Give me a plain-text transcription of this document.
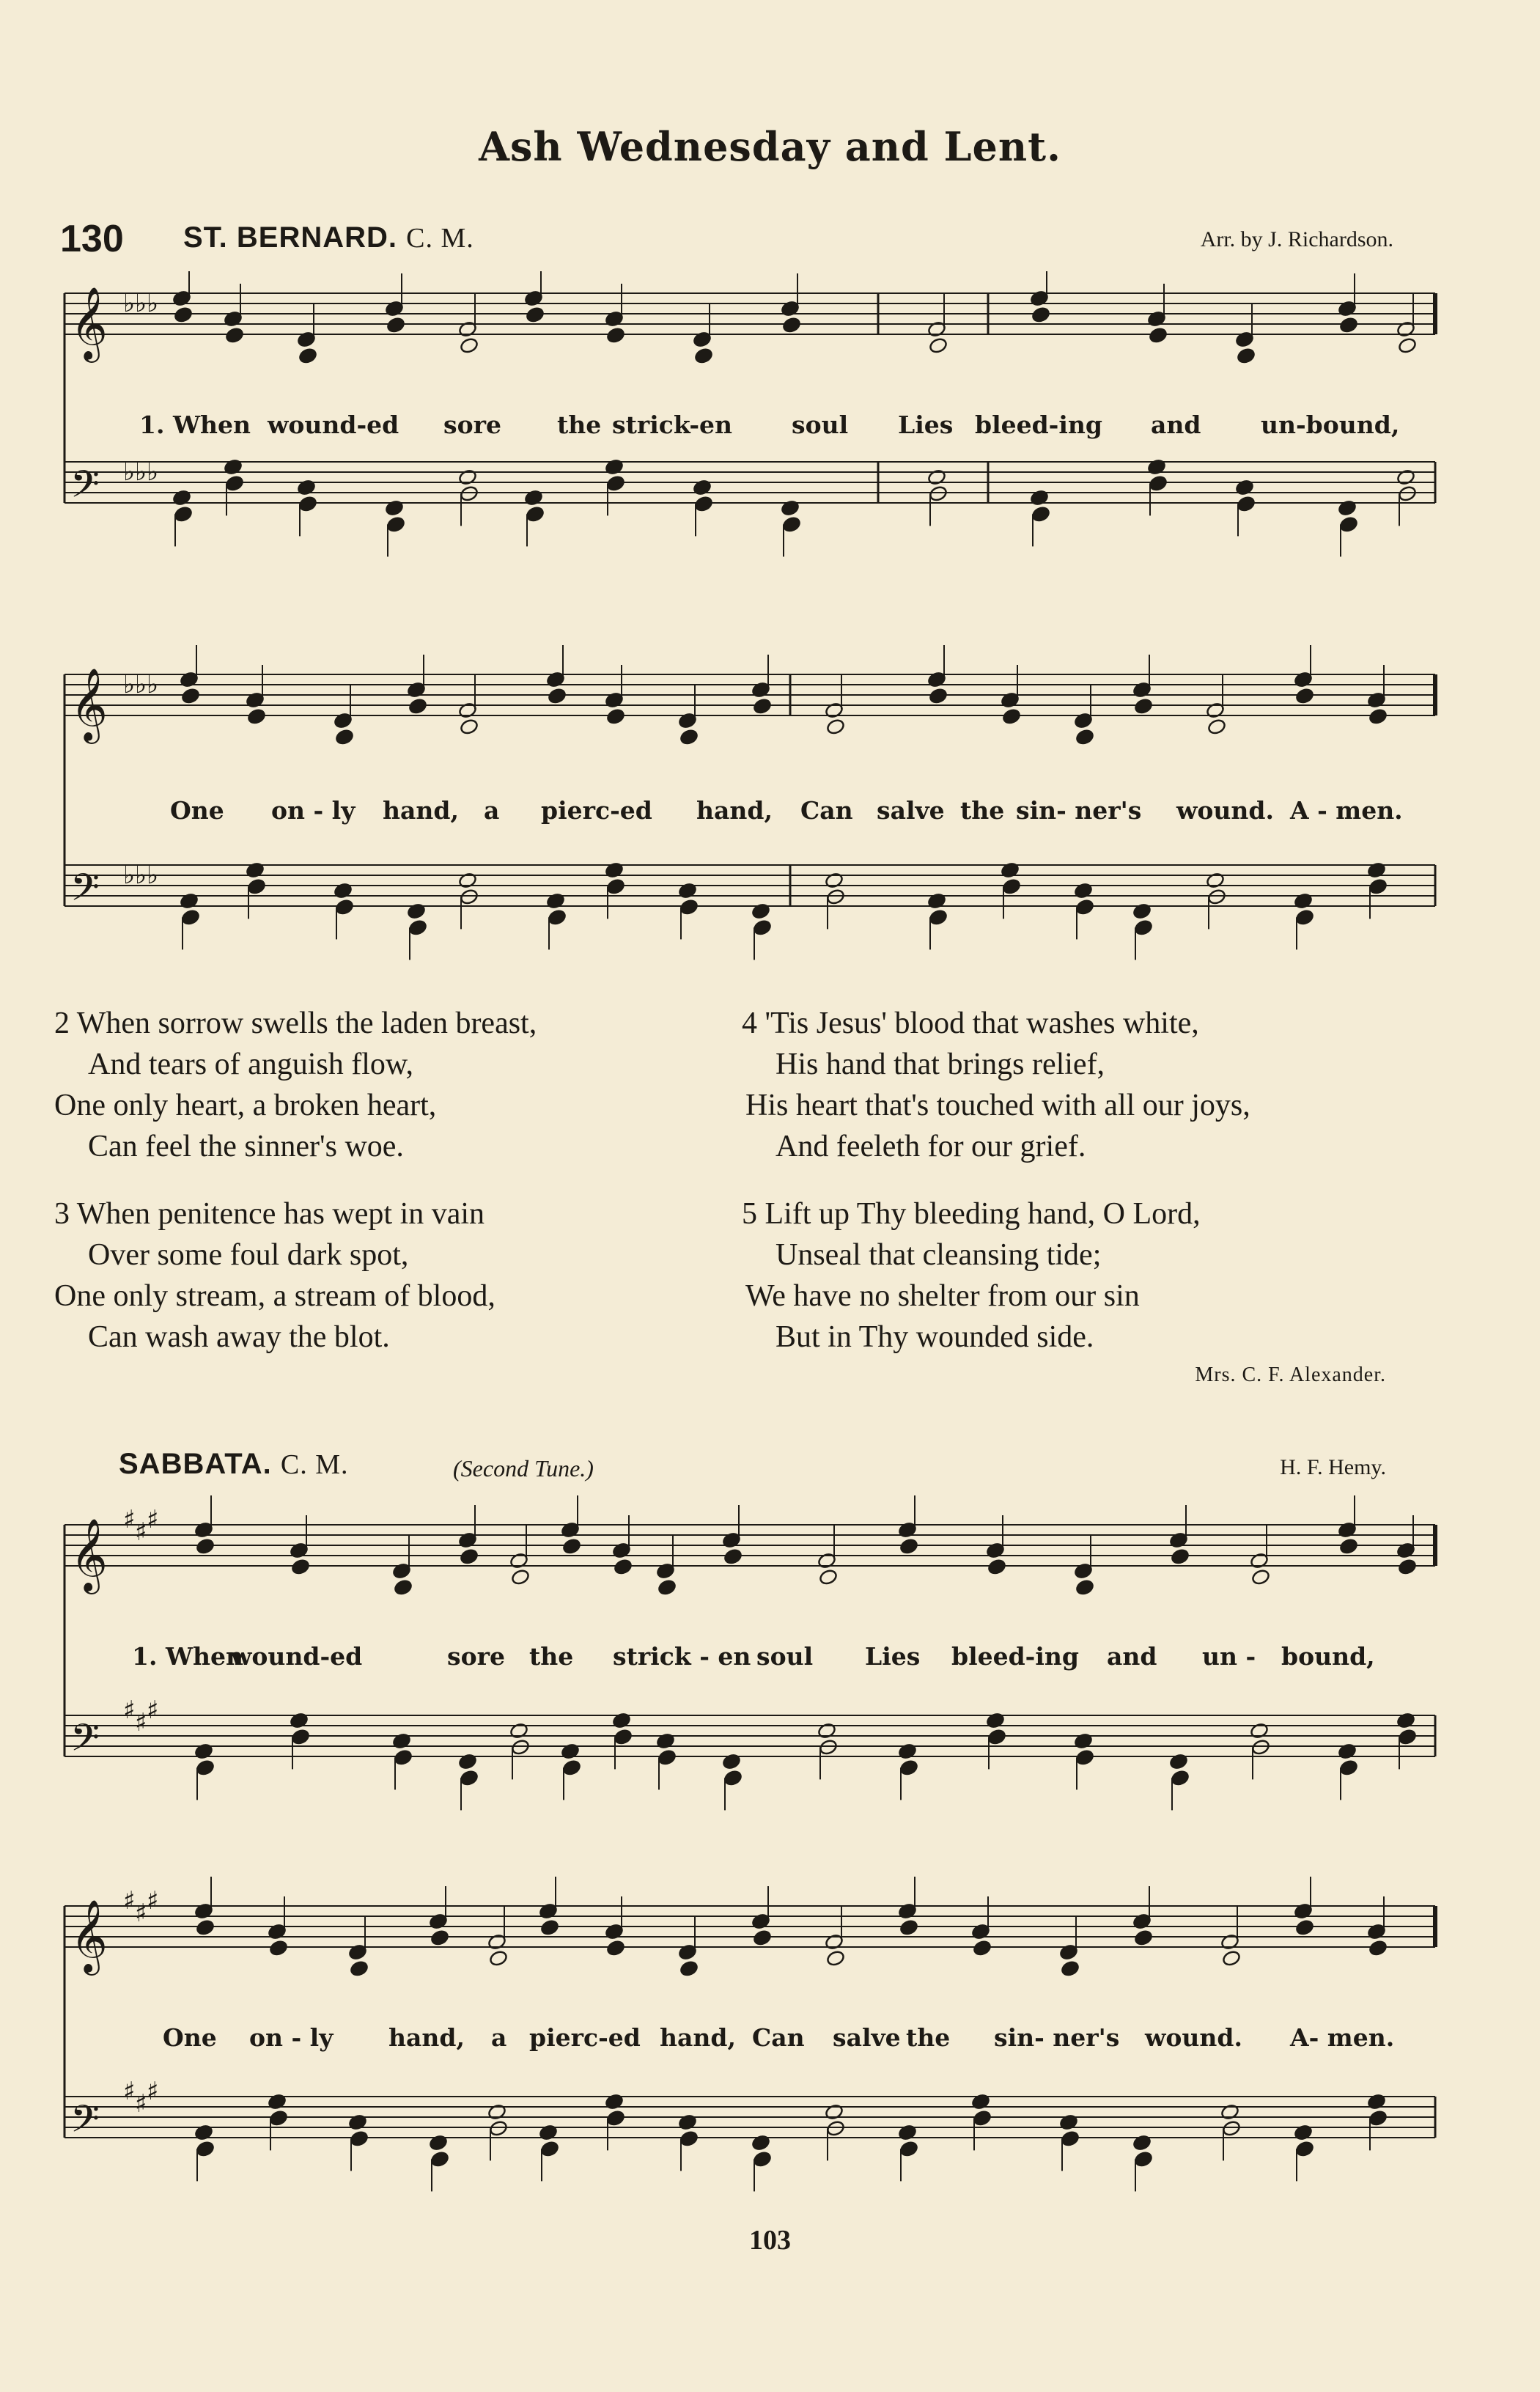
Ash Wednesday and Lent.
130 ST. BERNARD. C. M.	Arr. by J. Richardson.
𝄞 ♭ ♭ ♭
𝄢 ♭ ♭ ♭
1. When wound-ed sore the strick-en soul Lies bleed-ing and un-bound,
𝄞 ♭ ♭ ♭
𝄢 ♭ ♭ ♭
One on - ly hand, a pierc-ed hand, Can salve the sin- ner's wound. A - men.
2 When sorrow swells the laden breast,
And tears of anguish flow,
One only heart, a broken heart,
Can feel the sinner's woe.
3 When penitence has wept in vain
Over some foul dark spot,
One only stream, a stream of blood,
Can wash away the blot.
4 'Tis Jesus' blood that washes white,
His hand that brings relief,
His heart that's touched with all our joys,
And feeleth for our grief.
5 Lift up Thy bleeding hand, O Lord,
Unseal that cleansing tide;
We have no shelter from our sin
But in Thy wounded side.
Mrs. C. F. Alexander.
SABBATA. C. M.	(Second Tune.)	H. F. Hemy.
𝄞 ♯ ♯ ♯
𝄢
♯ ♯ ♯
1. When
wound-ed	sore the strick - en soul Lies bleed-ing and un - bound,
𝄞 ♯ ♯ ♯
𝄢
♯ ♯ ♯
One on - ly hand, a pierc-ed hand, Can salve the sin- ner's wound. A- men.
103
